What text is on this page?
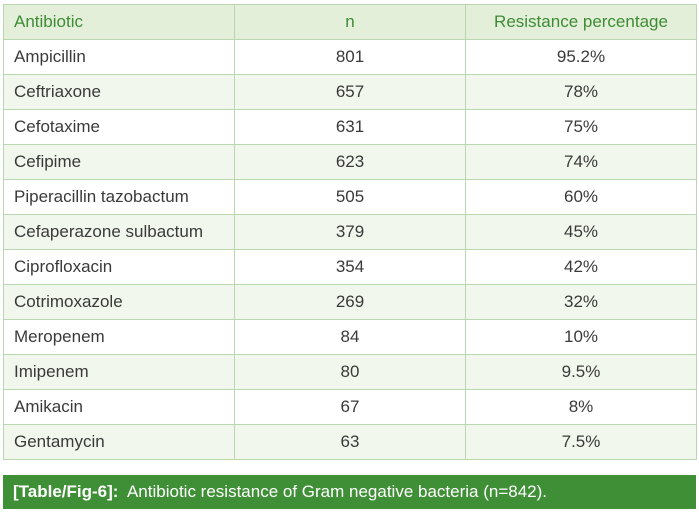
Antibiotic	n	Resistance percentage
Ampicillin	801	95.2%
Ceftriaxone	657	78%
Cefotaxime	631	75%
Cefipime	623	74%
Piperacillin tazobactum	505	60%
Cefaperazone sulbactum	379	45%
Ciprofloxacin	354	42%
Cotrimoxazole	269	32%
Meropenem	84	10%
Imipenem	80	9.5%
Amikacin	67	8%
Gentamycin	63	7.5%
[Table/Fig-6]: Antibiotic resistance of Gram negative bacteria (n=842).
